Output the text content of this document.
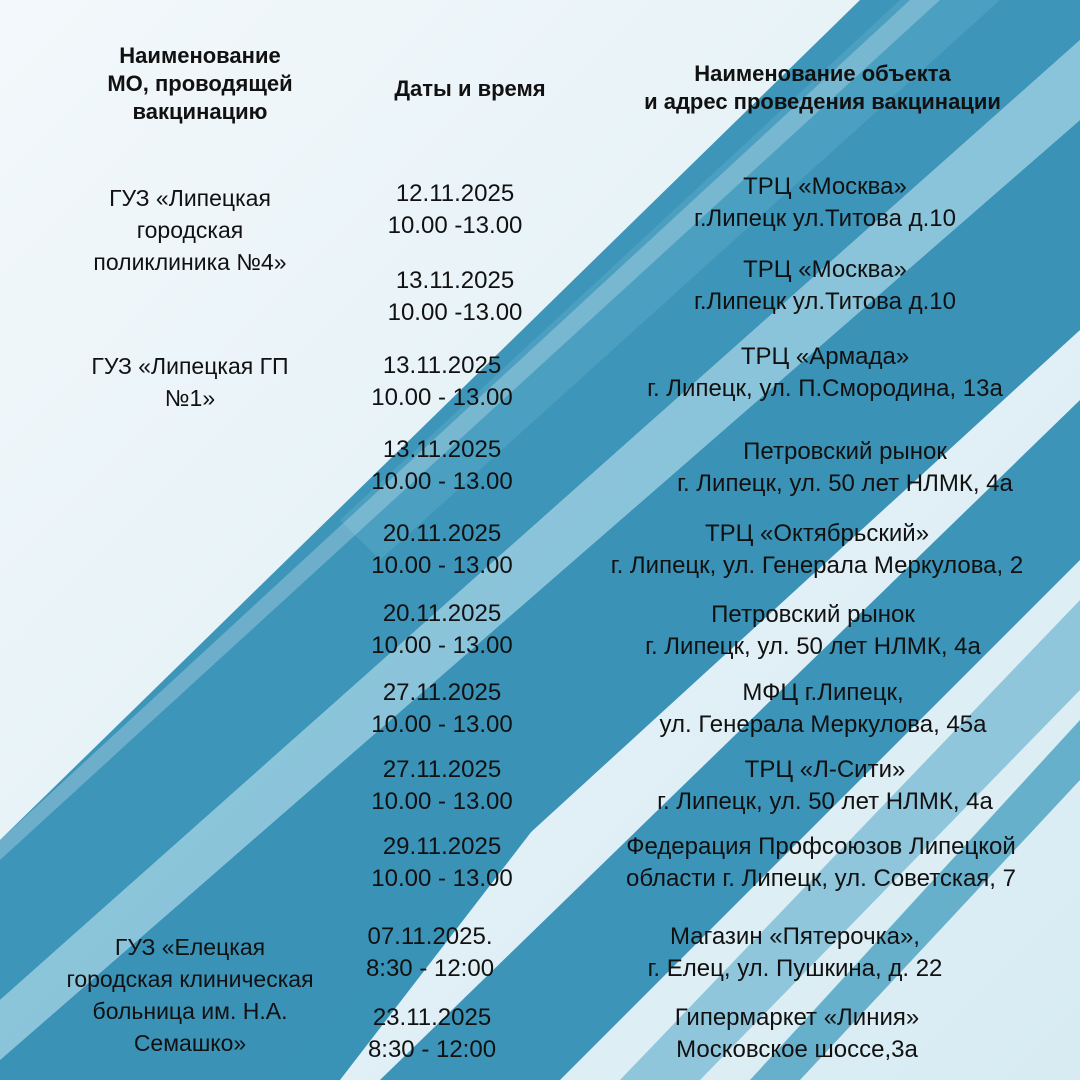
Наименование
МО, проводящей
вакцинацию
Даты и время
Наименование объекта
и адрес проведения вакцинации
ГУЗ «Липецкая
городская
поликлиника №4»
ГУЗ «Липецкая ГП
№1»
ГУЗ «Елецкая
городская клиническая
больница им. Н.А.
Семашко»
12.11.2025
10.00 -13.00
13.11.2025
10.00 -13.00
13.11.2025
10.00 - 13.00
13.11.2025
10.00 - 13.00
20.11.2025
10.00 - 13.00
20.11.2025
10.00 - 13.00
27.11.2025
10.00 - 13.00
27.11.2025
10.00 - 13.00
29.11.2025
10.00 - 13.00
07.11.2025.
8:30 - 12:00
23.11.2025
8:30 - 12:00
ТРЦ «Москва»
г.Липецк ул.Титова д.10
ТРЦ «Москва»
г.Липецк ул.Титова д.10
ТРЦ «Армада»
г. Липецк, ул. П.Смородина, 13а
Петровский рынок
г. Липецк, ул. 50 лет НЛМК, 4а
ТРЦ «Октябрьский»
г. Липецк, ул. Генерала Меркулова, 2
Петровский рынок
г. Липецк, ул. 50 лет НЛМК, 4а
МФЦ г.Липецк,
ул. Генерала Меркулова, 45а
ТРЦ «Л-Сити»
г. Липецк, ул. 50 лет НЛМК, 4а
Федерация Профсоюзов Липецкой
области г. Липецк, ул. Советская, 7
Магазин «Пятерочка»,
г. Елец, ул. Пушкина, д. 22
Гипермаркет «Линия»
Московское шоссе,3а
